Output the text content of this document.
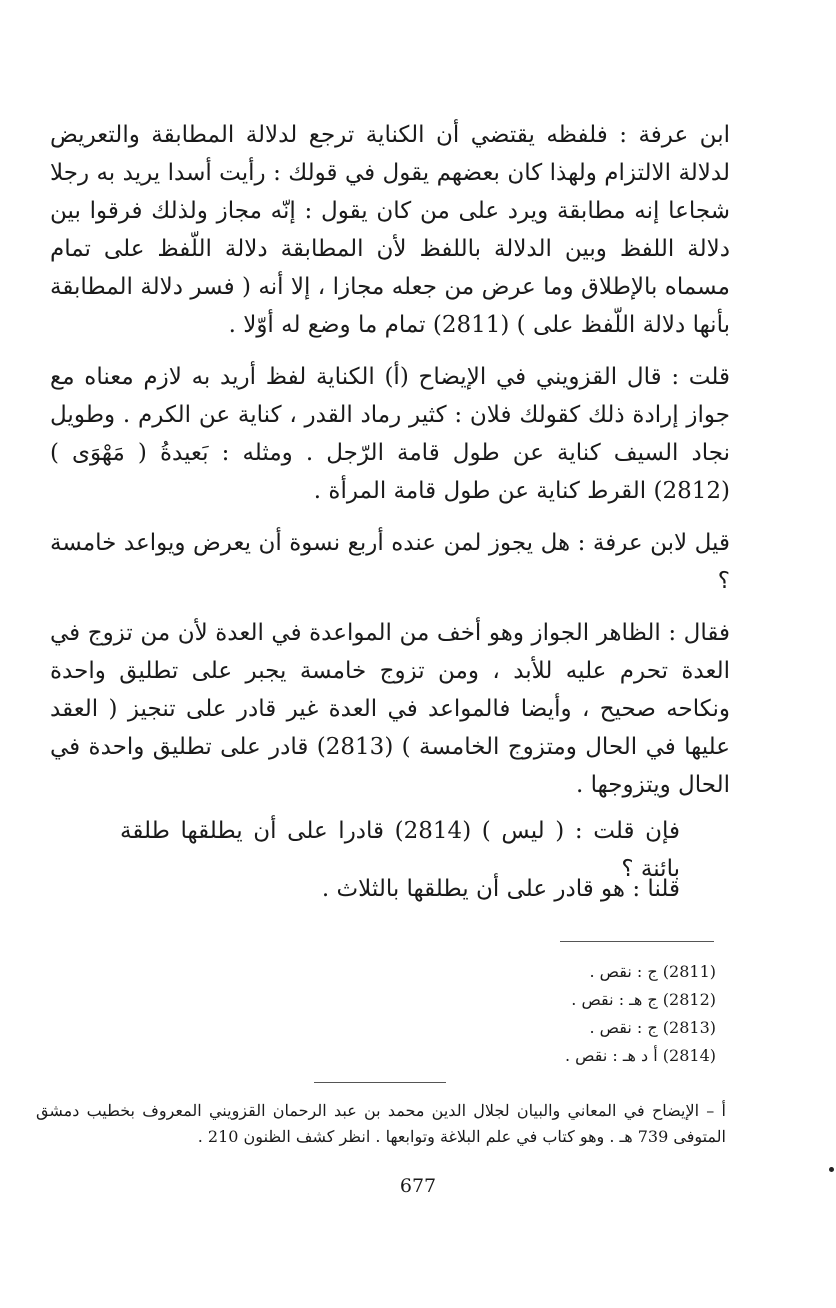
ابن عرفة : فلفظه يقتضي أن الكناية ترجع لدلالة المطابقة والتعريض لدلالة الالتزام ولهذا كان بعضهم يقول في قولك : رأيت أسدا يريد به رجلا شجاعا إنه مطابقة ويرد على من كان يقول : إنّه مجاز ولذلك فرقوا بين دلالة اللفظ وبين الدلالة باللفظ لأن المطابقة دلالة اللّفظ على تمام مسماه بالإطلاق وما عرض من جعله مجازا ، إلا أنه ( فسر دلالة المطابقة بأنها دلالة اللّفظ على ) (2811) تمام ما وضع له أوّلا .

قلت : قال القزويني في الإيضاح (أ) الكناية لفظ أريد به لازم معناه مع جواز إرادة ذلك كقولك فلان : كثير رماد القدر ، كناية عن الكرم . وطويل نجاد السيف كناية عن طول قامة الرّجل . ومثله : بَعيدةُ ( مَهْوَى ) (2812) القرط كناية عن طول قامة المرأة .

قيل لابن عرفة : هل يجوز لمن عنده أربع نسوة أن يعرض ويواعد خامسة ؟

فقال : الظاهر الجواز وهو أخف من المواعدة في العدة لأن من تزوج في العدة تحرم عليه للأبد ، ومن تزوج خامسة يجبر على تطليق واحدة ونكاحه صحيح ، وأيضا فالمواعد في العدة غير قادر على تنجيز ( العقد عليها في الحال ومتزوج الخامسة ) (2813) قادر على تطليق واحدة في الحال ويتزوجها .

فإن قلت : ( ليس ) (2814) قادرا على أن يطلقها طلقة بائنة ؟

قلنا : هو قادر على أن يطلقها بالثلاث .

(2811) ج : نقص .
(2812) ج هـ : نقص .
(2813) ج : نقص .
(2814) أ د هـ : نقص .

أ – الإيضاح في المعاني والبيان لجلال الدين محمد بن عبد الرحمان القزويني المعروف بخطيب دمشق المتوفى 739 هـ . وهو كتاب في علم البلاغة وتوابعها . انظر كشف الظنون 210 .

677
